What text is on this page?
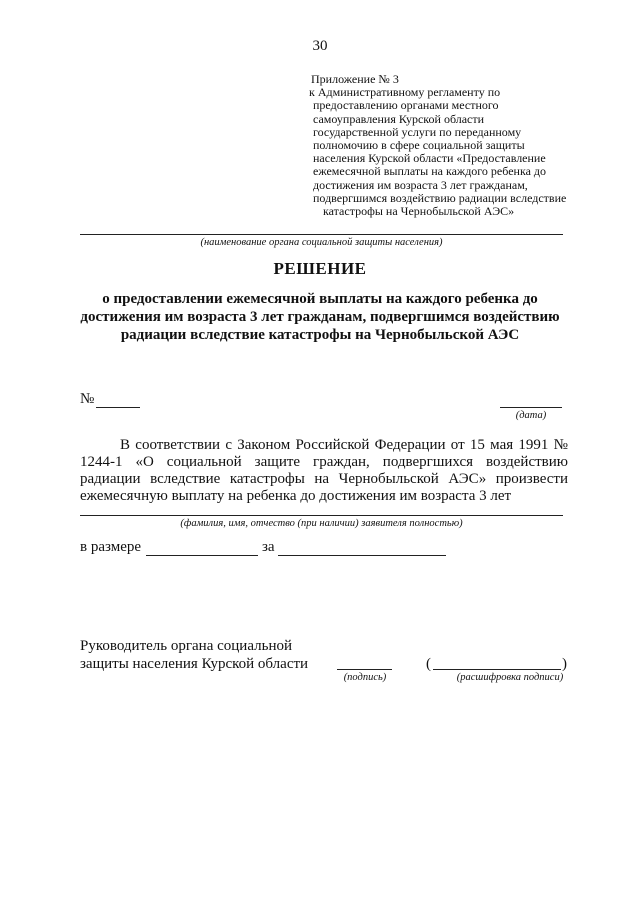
30
Приложение № 3
к Административному регламенту по
предоставлению органами местного
самоуправления Курской области
государственной услуги по переданному
полномочию в сфере социальной защиты
населения Курской области «Предоставление
ежемесячной выплаты на каждого ребенка до
достижения им возраста 3 лет гражданам,
подвергшимся воздействию радиации вследствие
катастрофы на Чернобыльской АЭС»
(наименование органа социальной защиты населения)
РЕШЕНИЕ
о предоставлении ежемесячной выплаты на каждого ребенка до
достижения им возраста 3 лет гражданам, подвергшимся воздействию
радиации вследствие катастрофы на Чернобыльской АЭС
№
(дата)
В соответствии с Законом Российской Федерации от 15 мая 1991 №
1244-1 «О социальной защите граждан, подвергшихся воздействию
радиации вследствие катастрофы на Чернобыльской АЭС» произвести
ежемесячную выплату на ребенка до достижения им возраста 3 лет
(фамилия, имя, отчество (при наличии) заявителя полностью)
в размере	за
Руководитель органа социальной
защиты населения Курской области
(подпись)
(	)
(расшифровка подписи)
